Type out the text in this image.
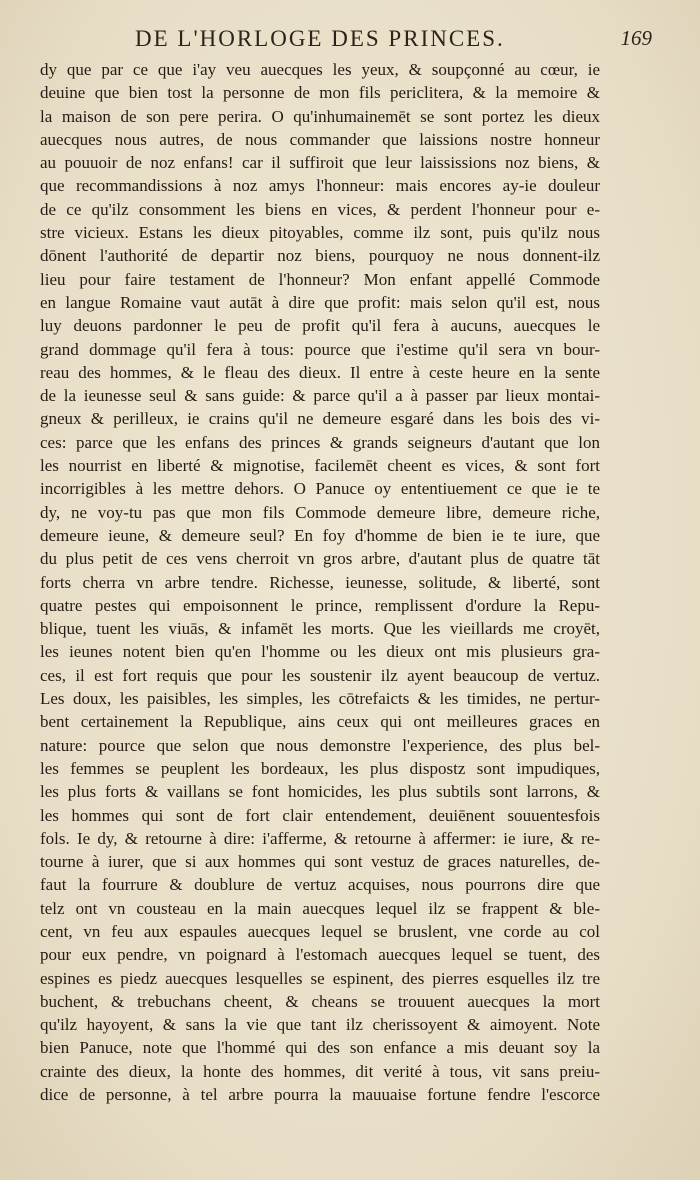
DE L'HORLOGE DES PRINCES.	169
dy que par ce que i'ay veu auecques les yeux, & soupçonné au cœur, ie
deuine que bien tost la personne de mon fils periclitera, & la memoire &
la maison de son pere perira. O qu'inhumainemēt se sont portez les dieux
auecques nous autres, de nous commander que laissions nostre honneur
au pouuoir de noz enfans! car il suffiroit que leur laississions noz biens, &
que recommandissions à noz amys l'honneur: mais encores ay-ie douleur
de ce qu'ilz consomment les biens en vices, & perdent l'honneur pour e-
stre vicieux. Estans les dieux pitoyables, comme ilz sont, puis qu'ilz nous
dōnent l'authorité de departir noz biens, pourquoy ne nous donnent-ilz
lieu pour faire testament de l'honneur? Mon enfant appellé Commode
en langue Romaine vaut autāt à dire que profit: mais selon qu'il est, nous
luy deuons pardonner le peu de profit qu'il fera à aucuns, auecques le
grand dommage qu'il fera à tous: pource que i'estime qu'il sera vn bour-
reau des hommes, & le fleau des dieux. Il entre à ceste heure en la sente
de la ieunesse seul & sans guide: & parce qu'il a à passer par lieux montai-
gneux & perilleux, ie crains qu'il ne demeure esgaré dans les bois des vi-
ces: parce que les enfans des princes & grands seigneurs d'autant que lon
les nourrist en liberté & mignotise, facilemēt cheent es vices, & sont fort
incorrigibles à les mettre dehors. O Panuce oy ententiuement ce que ie te
dy, ne voy-tu pas que mon fils Commode demeure libre, demeure riche,
demeure ieune, & demeure seul? En foy d'homme de bien ie te iure, que
du plus petit de ces vens cherroit vn gros arbre, d'autant plus de quatre tāt
forts cherra vn arbre tendre. Richesse, ieunesse, solitude, & liberté, sont
quatre pestes qui empoisonnent le prince, remplissent d'ordure la Repu-
blique, tuent les viuās, & infamēt les morts. Que les vieillards me croyēt,
les ieunes notent bien qu'en l'homme ou les dieux ont mis plusieurs gra-
ces, il est fort requis que pour les soustenir ilz ayent beaucoup de vertuz.
Les doux, les paisibles, les simples, les cōtrefaicts & les timides, ne pertur-
bent certainement la Republique, ains ceux qui ont meilleures graces en
nature: pource que selon que nous demonstre l'experience, des plus bel-
les femmes se peuplent les bordeaux, les plus dispostz sont impudiques,
les plus forts & vaillans se font homicides, les plus subtils sont larrons, &
les hommes qui sont de fort clair entendement, deuiēnent souuentesfois
fols. Ie dy, & retourne à dire: i'afferme, & retourne à affermer: ie iure, & re-
tourne à iurer, que si aux hommes qui sont vestuz de graces naturelles, de-
faut la fourrure & doublure de vertuz acquises, nous pourrons dire que
telz ont vn cousteau en la main auecques lequel ilz se frappent & ble-
cent, vn feu aux espaules auecques lequel se bruslent, vne corde au col
pour eux pendre, vn poignard à l'estomach auecques lequel se tuent, des
espines es piedz auecques lesquelles se espinent, des pierres esquelles ilz tre
buchent, & trebuchans cheent, & cheans se trouuent auecques la mort
qu'ilz hayoyent, & sans la vie que tant ilz cherissoyent & aimoyent. Note
bien Panuce, note que l'hommé qui des son enfance a mis deuant soy la
crainte des dieux, la honte des hommes, dit verité à tous, vit sans preiu-
dice de personne, à tel arbre pourra la mauuaise fortune fendre l'escorce
